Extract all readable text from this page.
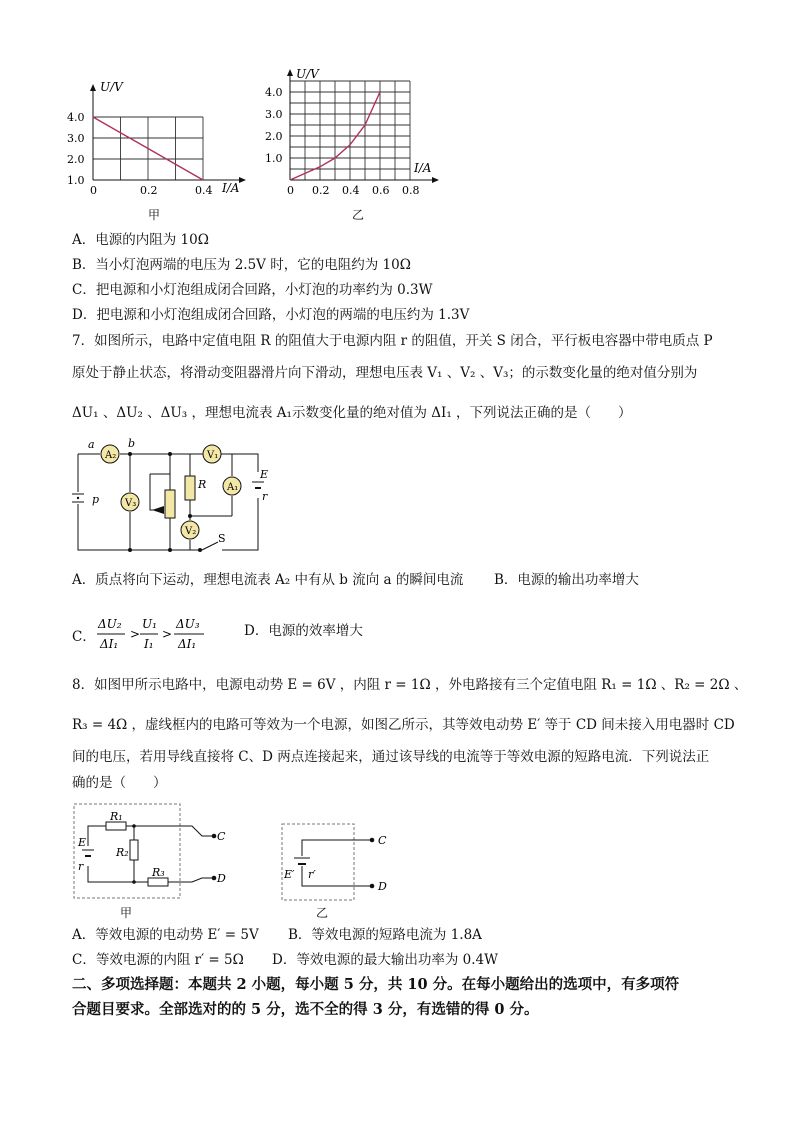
U/V
I/A
4.0
3.0
2.0
1.0
0	0.2	0.4
甲
U/V
I/A
4.0
3.0
2.0
1.0
0 0.2 0.4 0.6 0.8
乙
A．电源的内阻为 10Ω
B．当小灯泡两端的电压为 2.5V 时，它的电阻约为 10Ω
C．把电源和小灯泡组成闭合回路，小灯泡的功率约为 0.3W
D．把电源和小灯泡组成闭合回路，小灯泡的两端的电压约为 1.3V
7．如图所示，电路中定值电阻 R 的阻值大于电源内阻 r 的阻值，开关 S 闭合，平行板电容器中带电质点 P
原处于静止状态，将滑动变阻器滑片向下滑动，理想电压表 V₁ 、V₂ 、V₃；的示数变化量的绝对值分别为
ΔU₁ 、ΔU₂ 、ΔU₃ ，理想电流表 A₁示数变化量的绝对值为 ΔI₁ ，下列说法正确的是（　　）
A₂
V₃
V₁
A₁
V₂
a	b
R
E
r
p
S
A．质点将向下运动，理想电流表 A₂ 中有从 b 流向 a 的瞬间电流 B．电源的输出功率增大
C．
ΔU₂
ΔI₁
>
U₁
I₁
>
ΔU₃
ΔI₁
D．电源的效率增大
8．如图甲所示电路中，电源电动势 E = 6V ，内阻 r = 1Ω ，外电路接有三个定值电阻 R₁ = 1Ω 、R₂ = 2Ω 、
R₃ = 4Ω ，虚线框内的电路可等效为一个电源，如图乙所示，其等效电动势 E′ 等于 CD 间未接入用电器时 CD
间的电压，若用导线直接将 C、D 两点连接起来，通过该导线的电流等于等效电源的短路电流．下列说法正
确的是（　　）
E
r
R₁
R₂
R₃
C
D
甲
E′ r′
C
D
乙
A．等效电源的电动势 E′ = 5V B．等效电源的短路电流为 1.8A
C．等效电源的内阻 r′ = 5Ω D．等效电源的最大输出功率为 0.4W
二、多项选择题：本题共 2 小题，每小题 5 分，共 10 分。在每小题给出的选项中，有多项符
合题目要求。全部选对的的 5 分，选不全的得 3 分，有选错的得 0 分。
